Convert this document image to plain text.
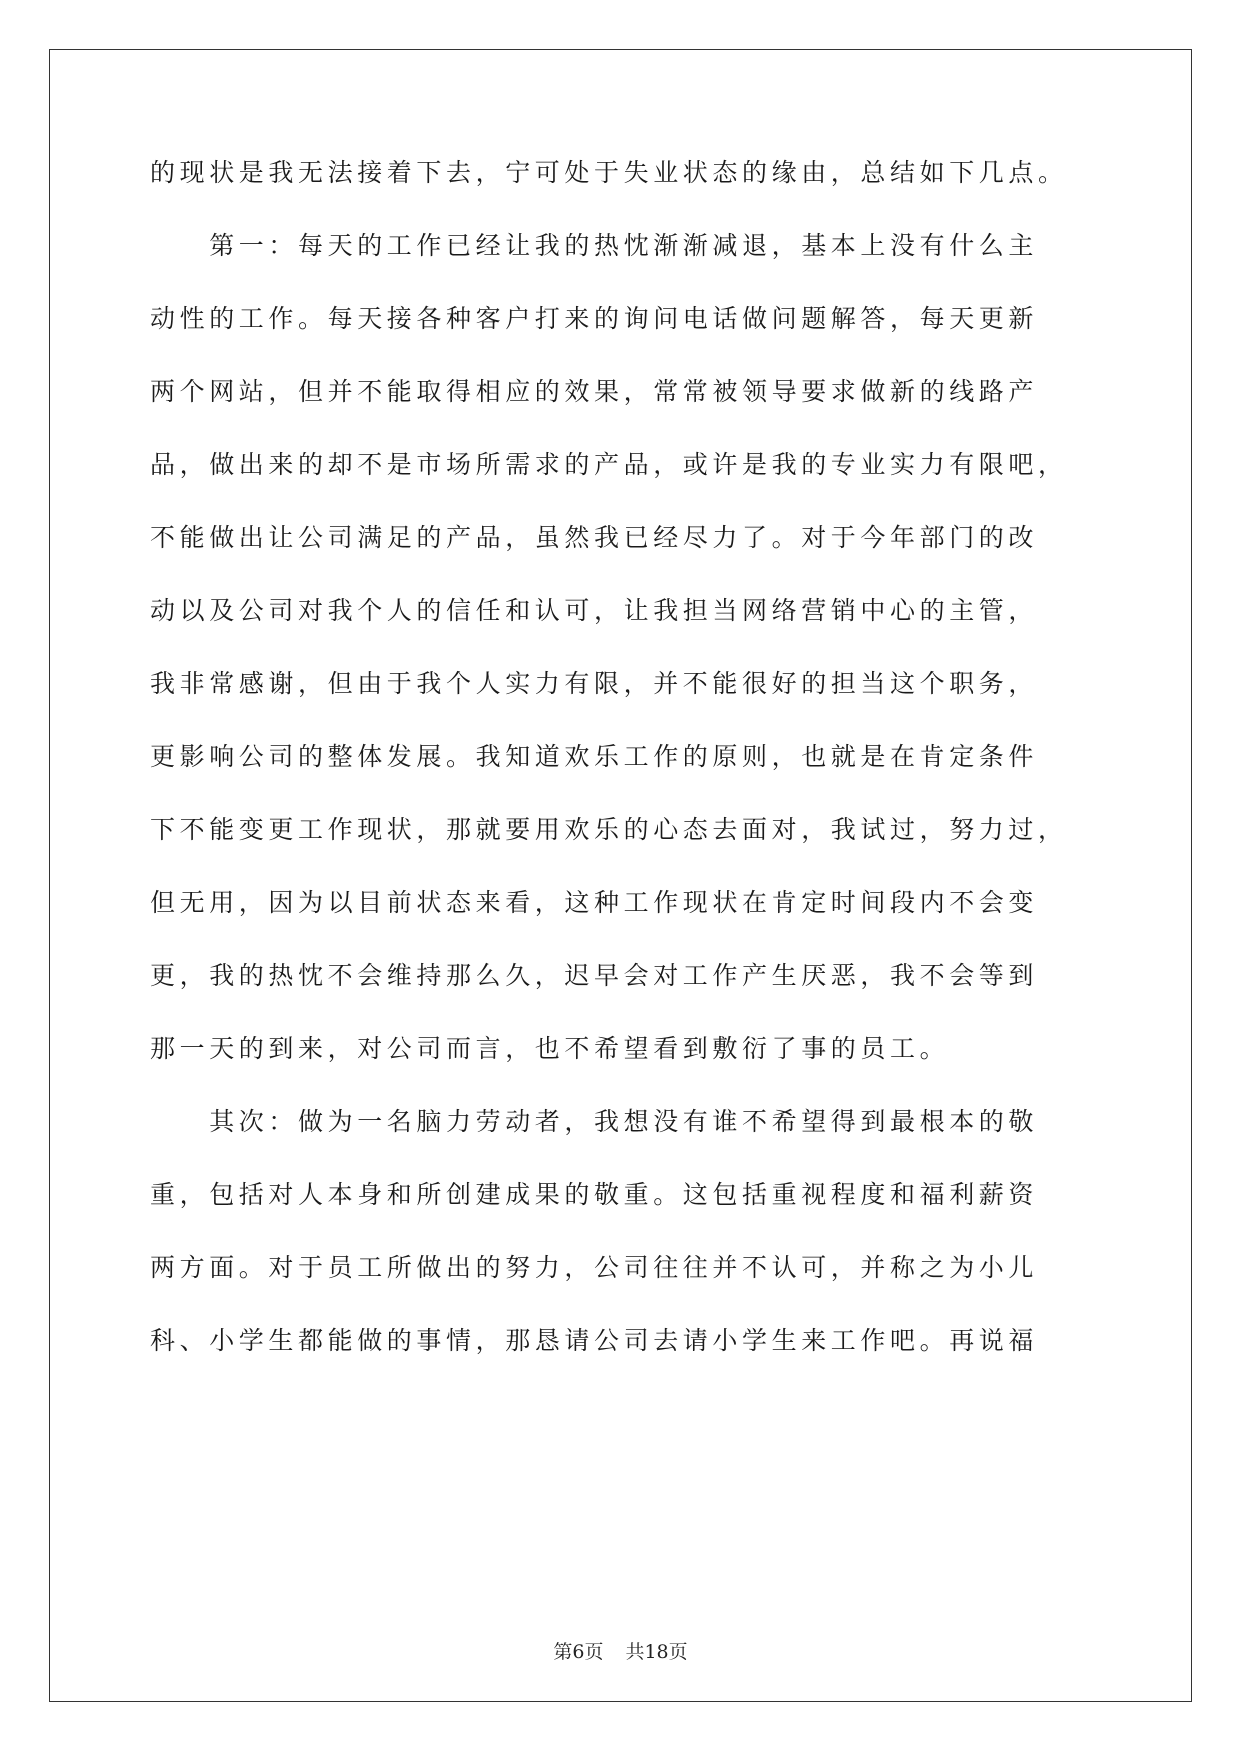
的现状是我无法接着下去，宁可处于失业状态的缘由，总结如下几点。
　　第一：每天的工作已经让我的热忱渐渐减退，基本上没有什么主
动性的工作。每天接各种客户打来的询问电话做问题解答，每天更新
两个网站，但并不能取得相应的效果，常常被领导要求做新的线路产
品，做出来的却不是市场所需求的产品，或许是我的专业实力有限吧，
不能做出让公司满足的产品，虽然我已经尽力了。对于今年部门的改
动以及公司对我个人的信任和认可，让我担当网络营销中心的主管，
我非常感谢，但由于我个人实力有限，并不能很好的担当这个职务，
更影响公司的整体发展。我知道欢乐工作的原则，也就是在肯定条件
下不能变更工作现状，那就要用欢乐的心态去面对，我试过，努力过，
但无用，因为以目前状态来看，这种工作现状在肯定时间段内不会变
更，我的热忱不会维持那么久，迟早会对工作产生厌恶，我不会等到
那一天的到来，对公司而言，也不希望看到敷衍了事的员工。
　　其次：做为一名脑力劳动者，我想没有谁不希望得到最根本的敬
重，包括对人本身和所创建成果的敬重。这包括重视程度和福利薪资
两方面。对于员工所做出的努力，公司往往并不认可，并称之为小儿
科、小学生都能做的事情，那恳请公司去请小学生来工作吧。再说福
第6页 共18页
